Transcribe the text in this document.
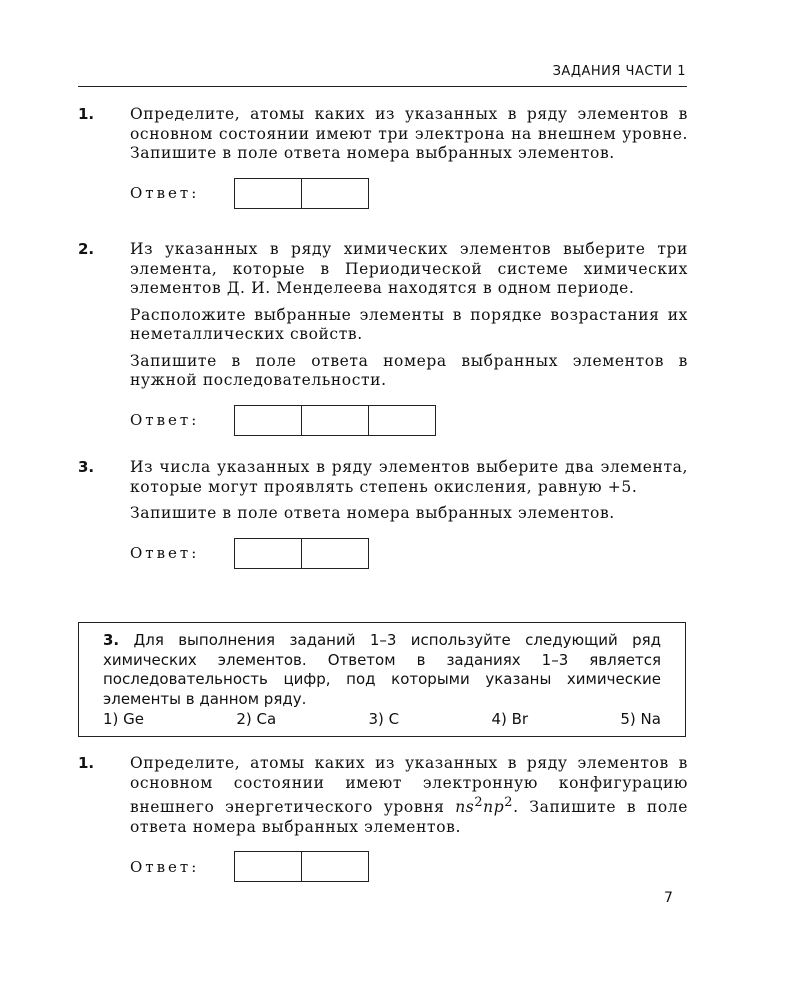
ЗАДАНИЯ ЧАСТИ 1
1. Определите, атомы каких из указанных в ряду элементов в основном состоянии имеют три электрона на внешнем уровне. Запишите в поле ответа номера выбранных элементов.

Ответ:
2. Из указанных в ряду химических элементов выберите три элемента, которые в Периодической системе химических элементов Д. И. Менделеева находятся в одном периоде.

Расположите выбранные элементы в порядке возрастания их неметаллических свойств.

Запишите в поле ответа номера выбранных элементов в нужной последовательности.

Ответ:
3. Из числа указанных в ряду элементов выберите два элемента, которые могут проявлять степень окисления, равную +5.

Запишите в поле ответа номера выбранных элементов.

Ответ:
3. Для выполнения заданий 1–3 используйте следующий ряд химических элементов. Ответом в заданиях 1–3 является последовательность цифр, под которыми указаны химические элементы в данном ряду.
1) Ge	2) Ca	3) C	4) Br	5) Na
1. Определите, атомы каких из указанных в ряду элементов в основном состоянии имеют электронную конфигурацию внешнего энергетического уровня $ns^2np^2$. Запишите в поле ответа номера выбранных элементов.

Ответ:
7
